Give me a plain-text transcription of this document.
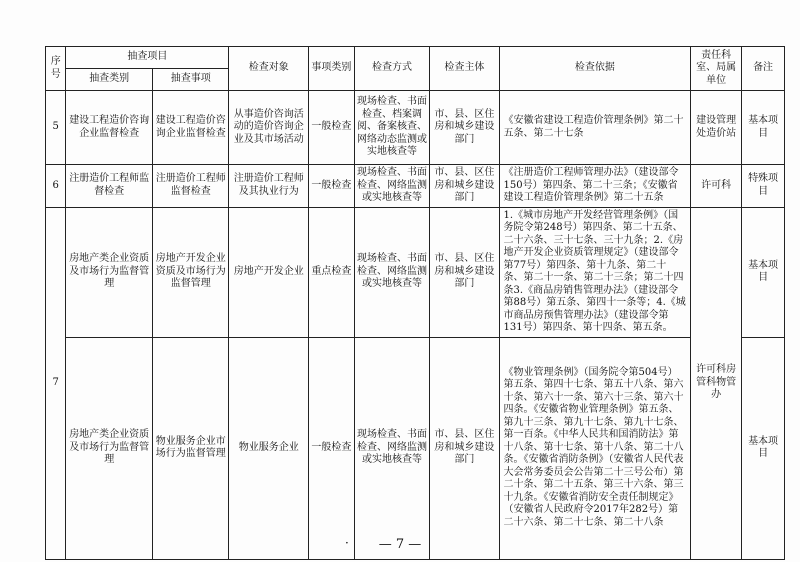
序号	抽查项目		检查对象	事项类别	检查方式	检查主体	检查依据	责任科室、局属单位	备注
	抽查类别	抽查事项							
5	建设工程造价咨询企业监督检查	建设工程造价咨询企业监督检查	从事造价咨询活动的造价咨询企业及其市场活动	一般检查	现场检查、书面检查、档案调阅、备案核查、网络动态监测或实地核查等	市、县、区住房和城乡建设部门	《安徽省建设工程造价管理条例》第二十五条、第二十七条	建设管理处造价站	基本项目
6	注册造价工程师监督检查	注册造价工程师监督检查	注册造价工程师及其执业行为	一般检查	现场检查、书面检查、网络监测或实地核查等	市、县、区住房和城乡建设部门	《注册造价工程师管理办法》（建设部令150号）第四条、第二十三条；《安徽省建设工程造价管理条例》第二十五条	许可科	特殊项目
7	房地产类企业资质及市场行为监督管理	房地产开发企业资质及市场行为监督管理	房地产开发企业	重点检查	现场检查、书面检查、网络监测或实地核查等	市、县、区住房和城乡建设部门	1.《城市房地产开发经营管理条例》（国务院令第248号）第四条、第二十五条、二十六条、三十七条、三十九条；2.《房地产开发企业资质管理规定》（建设部令第77号）第四条、第十九条、第二十条、第二十一条、第二十三条；第二十四条3.《商品房销售管理办法》（建设部令第88号）第五条、第四十一条等；4.《城市商品房预售管理办法》（建设部令第131号）第四条、第十四条、第五条。	许可科房管科物管办	基本项目
	房地产类企业资质及市场行为监督管理	物业服务企业市场行为监督管理	物业服务企业	一般检查	现场检查、书面检查、网络监测或实地核查等	市、县、区住房和城乡建设部门	《物业管理条例》（国务院令第504号）第五条、第四十七条、第五十八条、第六十条、第六十一条、第六十三条、第六十四条。《安徽省物业管理条例》第五条、第九十三条、第九十七条、第九十七条、第一百条。《中华人民共和国消防法》第十八条、第十七条、第十八条、第二十八条。《安徽省消防条例》（安徽省人民代表大会常务委员会公告第二十三号公布）第二十条、第二十五条、第三十六条、第三十九条。《安徽省消防安全责任制规定》（安徽省人民政府令2017年282号）第二十六条、第二十七条、第二十八条		基本项目
·	— 7 —
